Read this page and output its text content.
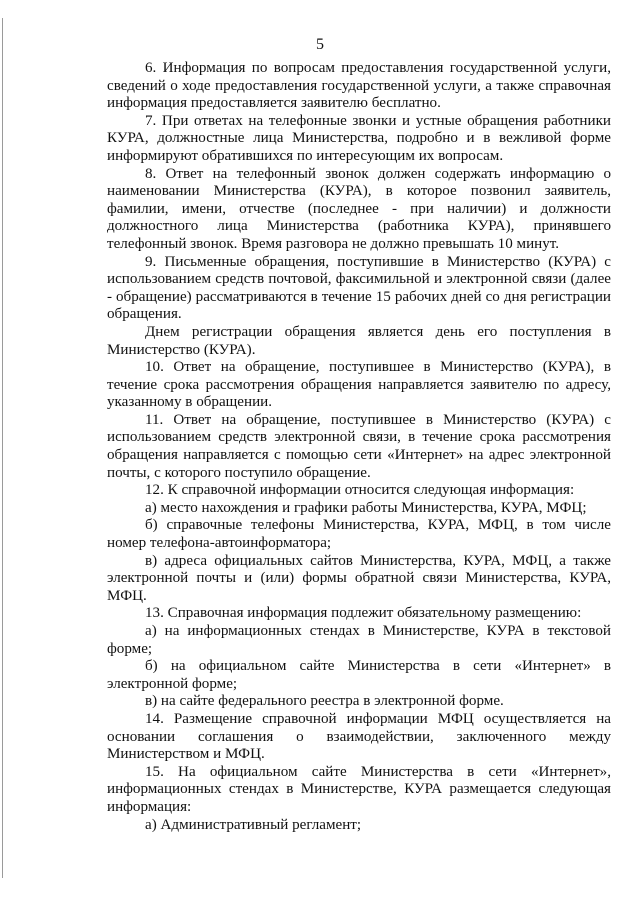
5

6. Информация по вопросам предоставления государственной услуги, сведений о ходе предоставления государственной услуги, а также справочная информация предоставляется заявителю бесплатно.

7. При ответах на телефонные звонки и устные обращения работники КУРА, должностные лица Министерства, подробно и в вежливой форме информируют обратившихся по интересующим их вопросам.

8. Ответ на телефонный звонок должен содержать информацию о наименовании Министерства (КУРА), в которое позвонил заявитель, фамилии, имени, отчестве (последнее - при наличии) и должности должностного лица Министерства (работника КУРА), принявшего телефонный звонок. Время разговора не должно превышать 10 минут.

9. Письменные обращения, поступившие в Министерство (КУРА) с использованием средств почтовой, факсимильной и электронной связи (далее - обращение) рассматриваются в течение 15 рабочих дней со дня регистрации обращения.

Днем регистрации обращения является день его поступления в Министерство (КУРА).

10. Ответ на обращение, поступившее в Министерство (КУРА), в течение срока рассмотрения обращения направляется заявителю по адресу, указанному в обращении.

11. Ответ на обращение, поступившее в Министерство (КУРА) с использованием средств электронной связи, в течение срока рассмотрения обращения направляется с помощью сети «Интернет» на адрес электронной почты, с которого поступило обращение.

12. К справочной информации относится следующая информация:

а) место нахождения и графики работы Министерства, КУРА, МФЦ;

б) справочные телефоны Министерства, КУРА, МФЦ, в том числе номер телефона-автоинформатора;

в) адреса официальных сайтов Министерства, КУРА, МФЦ, а также электронной почты и (или) формы обратной связи Министерства, КУРА, МФЦ.

13. Справочная информация подлежит обязательному размещению:

а) на информационных стендах в Министерстве, КУРА в текстовой форме;

б) на официальном сайте Министерства в сети «Интернет» в электронной форме;

в) на сайте федерального реестра в электронной форме.

14. Размещение справочной информации МФЦ осуществляется на основании соглашения о взаимодействии, заключенного между Министерством и МФЦ.

15. На официальном сайте Министерства в сети «Интернет», информационных стендах в Министерстве, КУРА размещается следующая информация:

а) Административный регламент;
